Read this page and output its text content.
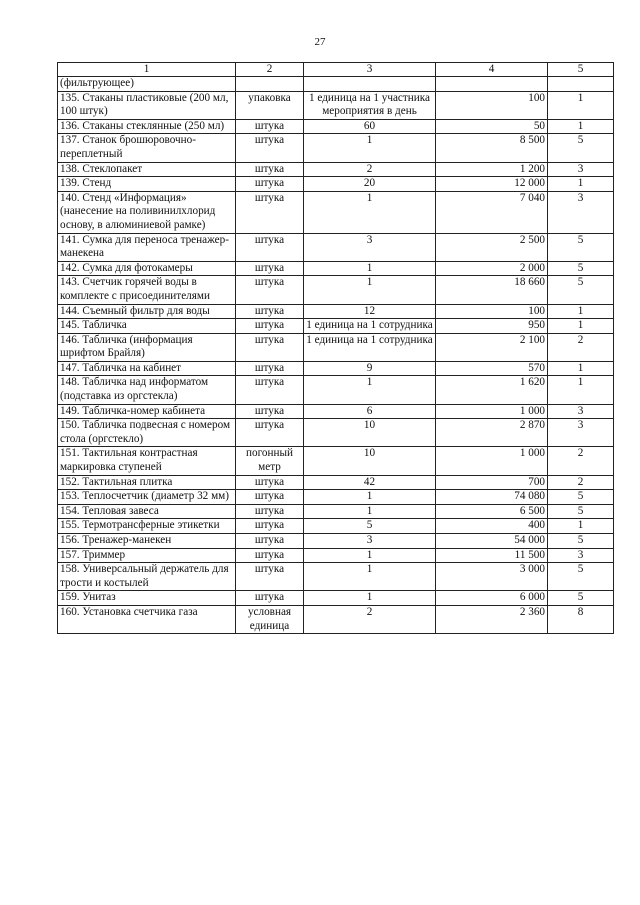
27
1	2	3	4	5
(фильтрующее)				
135. Стаканы пластиковые (200 мл, 100 штук)	упаковка	1 единица на 1 участника мероприятия в день	100	1
136. Стаканы стеклянные (250 мл)	штука	60	50	1
137. Станок брошюровочно-переплетный	штука	1	8 500	5
138. Стеклопакет	штука	2	1 200	3
139. Стенд	штука	20	12 000	1
140. Стенд «Информация» (нанесение на поливинилхлорид основу, в алюминиевой рамке)	штука	1	7 040	3
141. Сумка для переноса тренажер-манекена	штука	3	2 500	5
142. Сумка для фотокамеры	штука	1	2 000	5
143. Счетчик горячей воды в комплекте с присоединителями	штука	1	18 660	5
144. Съемный фильтр для воды	штука	12	100	1
145. Табличка	штука	1 единица на 1 сотрудника	950	1
146. Табличка (информация шрифтом Брайля)	штука	1 единица на 1 сотрудника	2 100	2
147. Табличка на кабинет	штука	9	570	1
148. Табличка над информатом (подставка из оргстекла)	штука	1	1 620	1
149. Табличка-номер кабинета	штука	6	1 000	3
150. Табличка подвесная с номером стола (оргстекло)	штука	10	2 870	3
151. Тактильная контрастная маркировка ступеней	погонный метр	10	1 000	2
152. Тактильная плитка	штука	42	700	2
153. Теплосчетчик (диаметр 32 мм)	штука	1	74 080	5
154. Тепловая завеса	штука	1	6 500	5
155. Термотрансферные этикетки	штука	5	400	1
156. Тренажер-манекен	штука	3	54 000	5
157. Триммер	штука	1	11 500	3
158. Универсальный держатель для трости и костылей	штука	1	3 000	5
159. Унитаз	штука	1	6 000	5
160. Установка счетчика газа	условная единица	2	2 360	8
